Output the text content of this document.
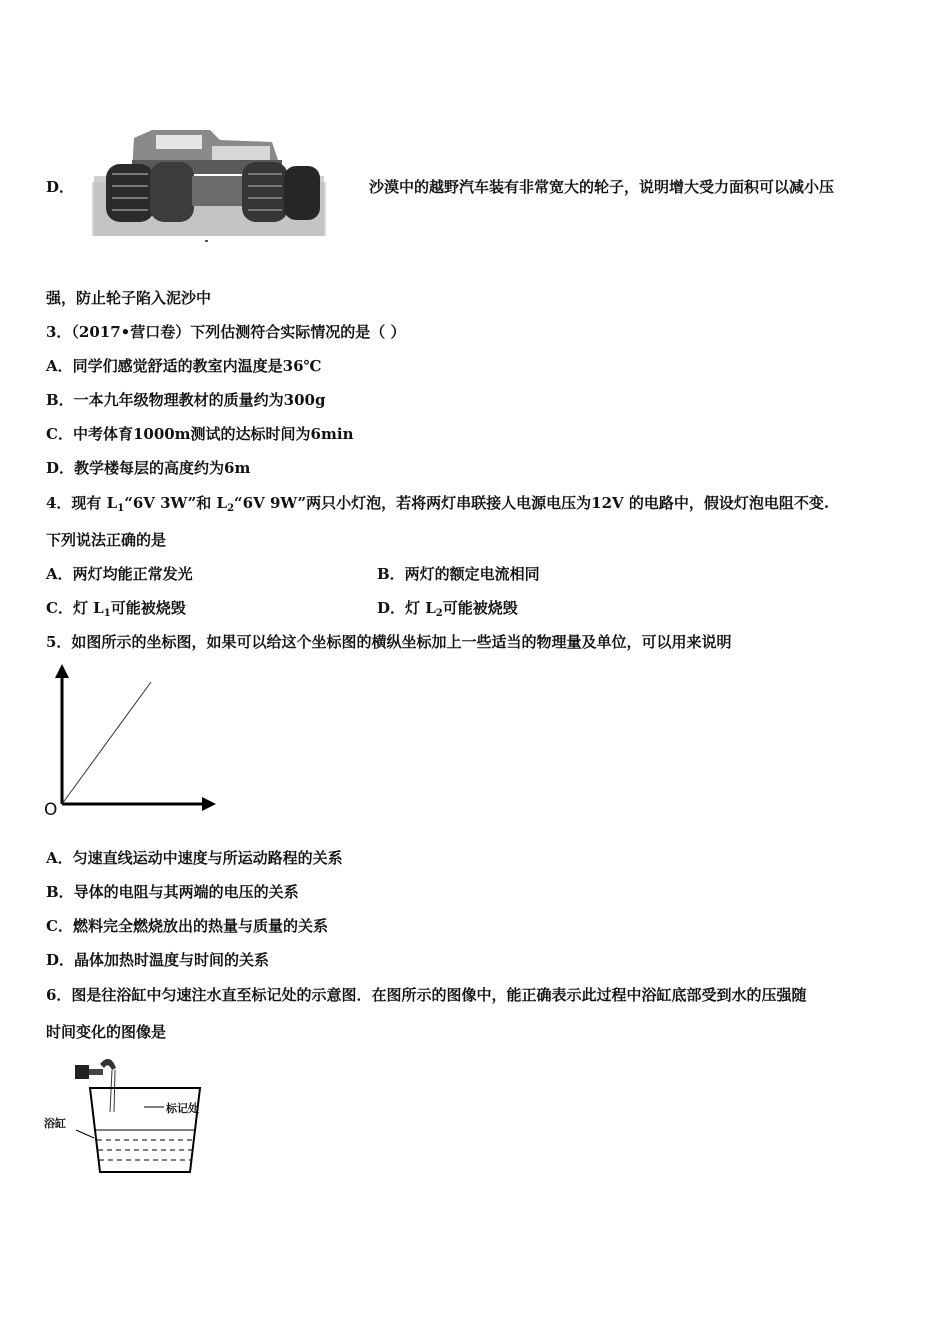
D．	沙漠中的越野汽车装有非常宽大的轮子，说明增大受力面积可以减小压
强，防止轮子陷入泥沙中
3．（2017•营口卷）下列估测符合实际情况的是（ ）
A．同学们感觉舒适的教室内温度是36℃
B．一本九年级物理教材的质量约为300g
C．中考体育1000m测试的达标时间为6min
D．教学楼每层的高度约为6m
4．现有 $L_1“6V$ 3W”和 $L_2“6V$ 9W”两只小灯泡，若将两灯串联接人电源电压为12V 的电路中，假设灯泡电阻不变.
下列说法正确的是
A．两灯均能正常发光	B．两灯的额定电流相同
C．灯 $L_1$可能被烧毁	D．灯 $L_2$可能被烧毁
5．如图所示的坐标图，如果可以给这个坐标图的横纵坐标加上一些适当的物理量及单位，可以用来说明
O
A．匀速直线运动中速度与所运动路程的关系
B．导体的电阻与其两端的电压的关系
C．燃料完全燃烧放出的热量与质量的关系
D．晶体加热时温度与时间的关系
6．图是往浴缸中匀速注水直至标记处的示意图．在图所示的图像中，能正确表示此过程中浴缸底部受到水的压强随
时间变化的图像是
标记处
浴缸
